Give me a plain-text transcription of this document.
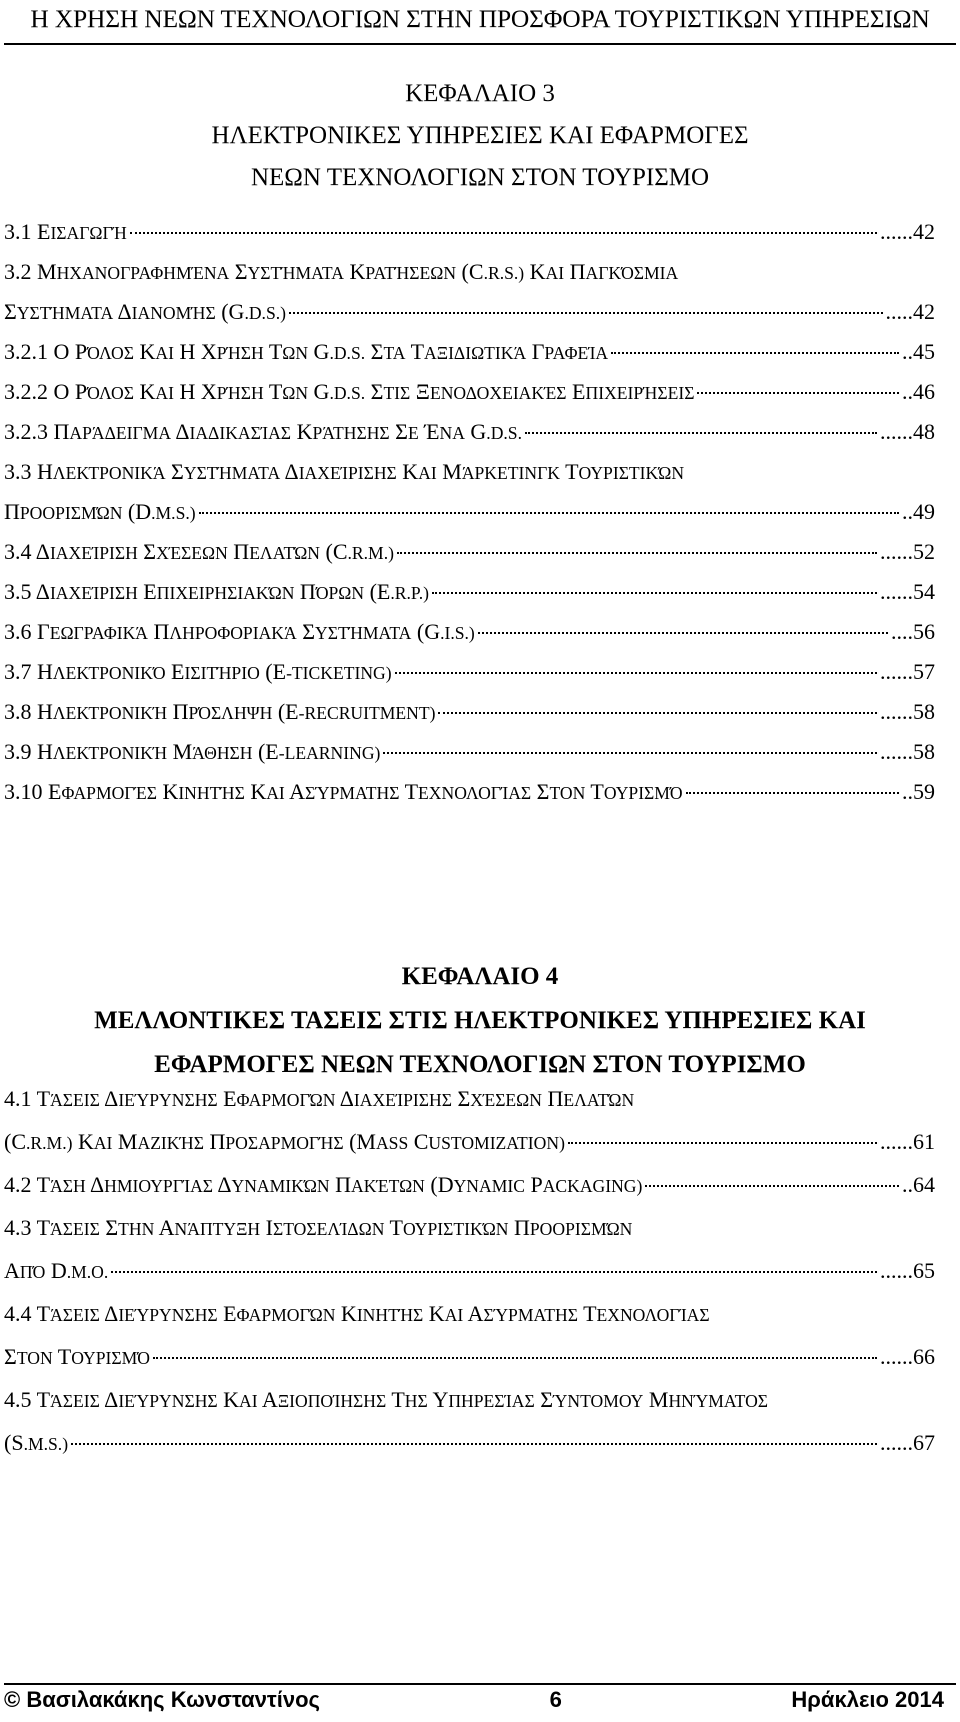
Η ΧΡΗΣΗ ΝΕΩΝ ΤΕΧΝΟΛΟΓΙΩΝ ΣΤΗΝ ΠΡΟΣΦΟΡΑ ΤΟΥΡΙΣΤΙΚΩΝ ΥΠΗΡΕΣΙΩΝ
ΚΕΦΑΛΑΙΟ 3
ΗΛΕΚΤΡΟΝΙΚΕΣ ΥΠΗΡΕΣΙΕΣ ΚΑΙ ΕΦΑΡΜΟΓΕΣ
ΝΕΩΝ ΤΕΧΝΟΛΟΓΙΩΝ ΣΤΟΝ ΤΟΥΡΙΣΜΟ
3.1 ΕΙΣΑΓΩΓΉ	......42
3.2 ΜΗΧΑΝΟΓΡΑΦΗΜΈΝΑ ΣΥΣΤΉΜΑΤΑ ΚΡΑΤΉΣΕΩΝ (C.R.S.) ΚΑΙ ΠΑΓΚΌΣΜΙΑ
ΣΥΣΤΉΜΑΤΑ ΔΙΑΝΟΜΉΣ (G.D.S.)	.....42
3.2.1 Ο ΡΌΛΟΣ ΚΑΙ Η ΧΡΉΣΗ ΤΩΝ G.D.S. ΣΤΑ ΤΑΞΙΔΙΩΤΙΚΆ ΓΡΑΦΕΊΑ	..45
3.2.2 Ο ΡΌΛΟΣ ΚΑΙ Η ΧΡΉΣΗ ΤΩΝ G.D.S. ΣΤΙΣ ΞΕΝΟΔΟΧΕΙΑΚΈΣ ΕΠΙΧΕΙΡΉΣΕΙΣ	..46
3.2.3 ΠΑΡΆΔΕΙΓΜΑ ΔΙΑΔΙΚΑΣΊΑΣ ΚΡΆΤΗΣΗΣ ΣΕ ΈΝΑ G.D.S.	......48
3.3 ΗΛΕΚΤΡΟΝΙΚΆ ΣΥΣΤΉΜΑΤΑ ΔΙΑΧΕΊΡΙΣΗΣ ΚΑΙ ΜΆΡΚΕΤΙΝΓΚ ΤΟΥΡΙΣΤΙΚΏΝ
ΠΡΟΟΡΙΣΜΏΝ (D.M.S.)	..49
3.4 ΔΙΑΧΕΊΡΙΣΗ ΣΧΈΣΕΩΝ ΠΕΛΑΤΏΝ (C.R.M.)	......52
3.5 ΔΙΑΧΕΊΡΙΣΗ ΕΠΙΧΕΙΡΗΣΙΑΚΏΝ ΠΌΡΩΝ (E.R.P.)	......54
3.6 ΓΕΩΓΡΑΦΙΚΆ ΠΛΗΡΟΦΟΡΙΑΚΆ ΣΥΣΤΉΜΑΤΑ (G.I.S.)	....56
3.7 ΗΛΕΚΤΡΟΝΙΚΌ ΕΙΣΙΤΉΡΙΟ (E-TICKETING)	......57
3.8 ΗΛΕΚΤΡΟΝΙΚΉ ΠΡΌΣΛΗΨΗ (E-RECRUITMENT)	......58
3.9 ΗΛΕΚΤΡΟΝΙΚΉ ΜΆΘΗΣΗ (E-LEARNING)	......58
3.10 ΕΦΑΡΜΟΓΈΣ ΚΙΝΗΤΉΣ ΚΑΙ ΑΣΎΡΜΑΤΗΣ ΤΕΧΝΟΛΟΓΊΑΣ ΣΤΟΝ ΤΟΥΡΙΣΜΌ	..59
ΚΕΦΑΛΑΙΟ 4
ΜΕΛΛΟΝΤΙΚΕΣ ΤΑΣΕΙΣ ΣΤΙΣ ΗΛΕΚΤΡΟΝΙΚΕΣ ΥΠΗΡΕΣΙΕΣ ΚΑΙ
ΕΦΑΡΜΟΓΕΣ ΝΕΩΝ ΤΕΧΝΟΛΟΓΙΩΝ ΣΤΟΝ ΤΟΥΡΙΣΜΟ
4.1 ΤΆΣΕΙΣ ΔΙΕΎΡΥΝΣΗΣ ΕΦΑΡΜΟΓΏΝ ΔΙΑΧΕΊΡΙΣΗΣ ΣΧΈΣΕΩΝ ΠΕΛΑΤΏΝ
(C.R.M.) ΚΑΙ ΜΑΖΙΚΉΣ ΠΡΟΣΑΡΜΟΓΉΣ (MASS CUSTOMIZATION)	......61
4.2 ΤΆΣΗ ΔΗΜΙΟΥΡΓΊΑΣ ΔΥΝΑΜΙΚΏΝ ΠΑΚΈΤΩΝ (DYNAMIC PACKAGING)	..64
4.3 ΤΆΣΕΙΣ ΣΤΗΝ ΑΝΆΠΤΥΞΗ ΙΣΤΟΣΕΛΊΔΩΝ ΤΟΥΡΙΣΤΙΚΏΝ ΠΡΟΟΡΙΣΜΏΝ
ΑΠΌ D.M.O.	......65
4.4 ΤΆΣΕΙΣ ΔΙΕΎΡΥΝΣΗΣ ΕΦΑΡΜΟΓΏΝ ΚΙΝΗΤΉΣ ΚΑΙ ΑΣΎΡΜΑΤΗΣ ΤΕΧΝΟΛΟΓΊΑΣ
ΣΤΟΝ ΤΟΥΡΙΣΜΌ	......66
4.5 ΤΆΣΕΙΣ ΔΙΕΎΡΥΝΣΗΣ ΚΑΙ ΑΞΙΟΠΟΊΗΣΗΣ ΤΗΣ ΥΠΗΡΕΣΊΑΣ ΣΎΝΤΟΜΟΥ ΜΗΝΎΜΑΤΟΣ
(S.M.S.)	......67
© Βασιλακάκης Κωνσταντίνος	6	Ηράκλειο 2014
